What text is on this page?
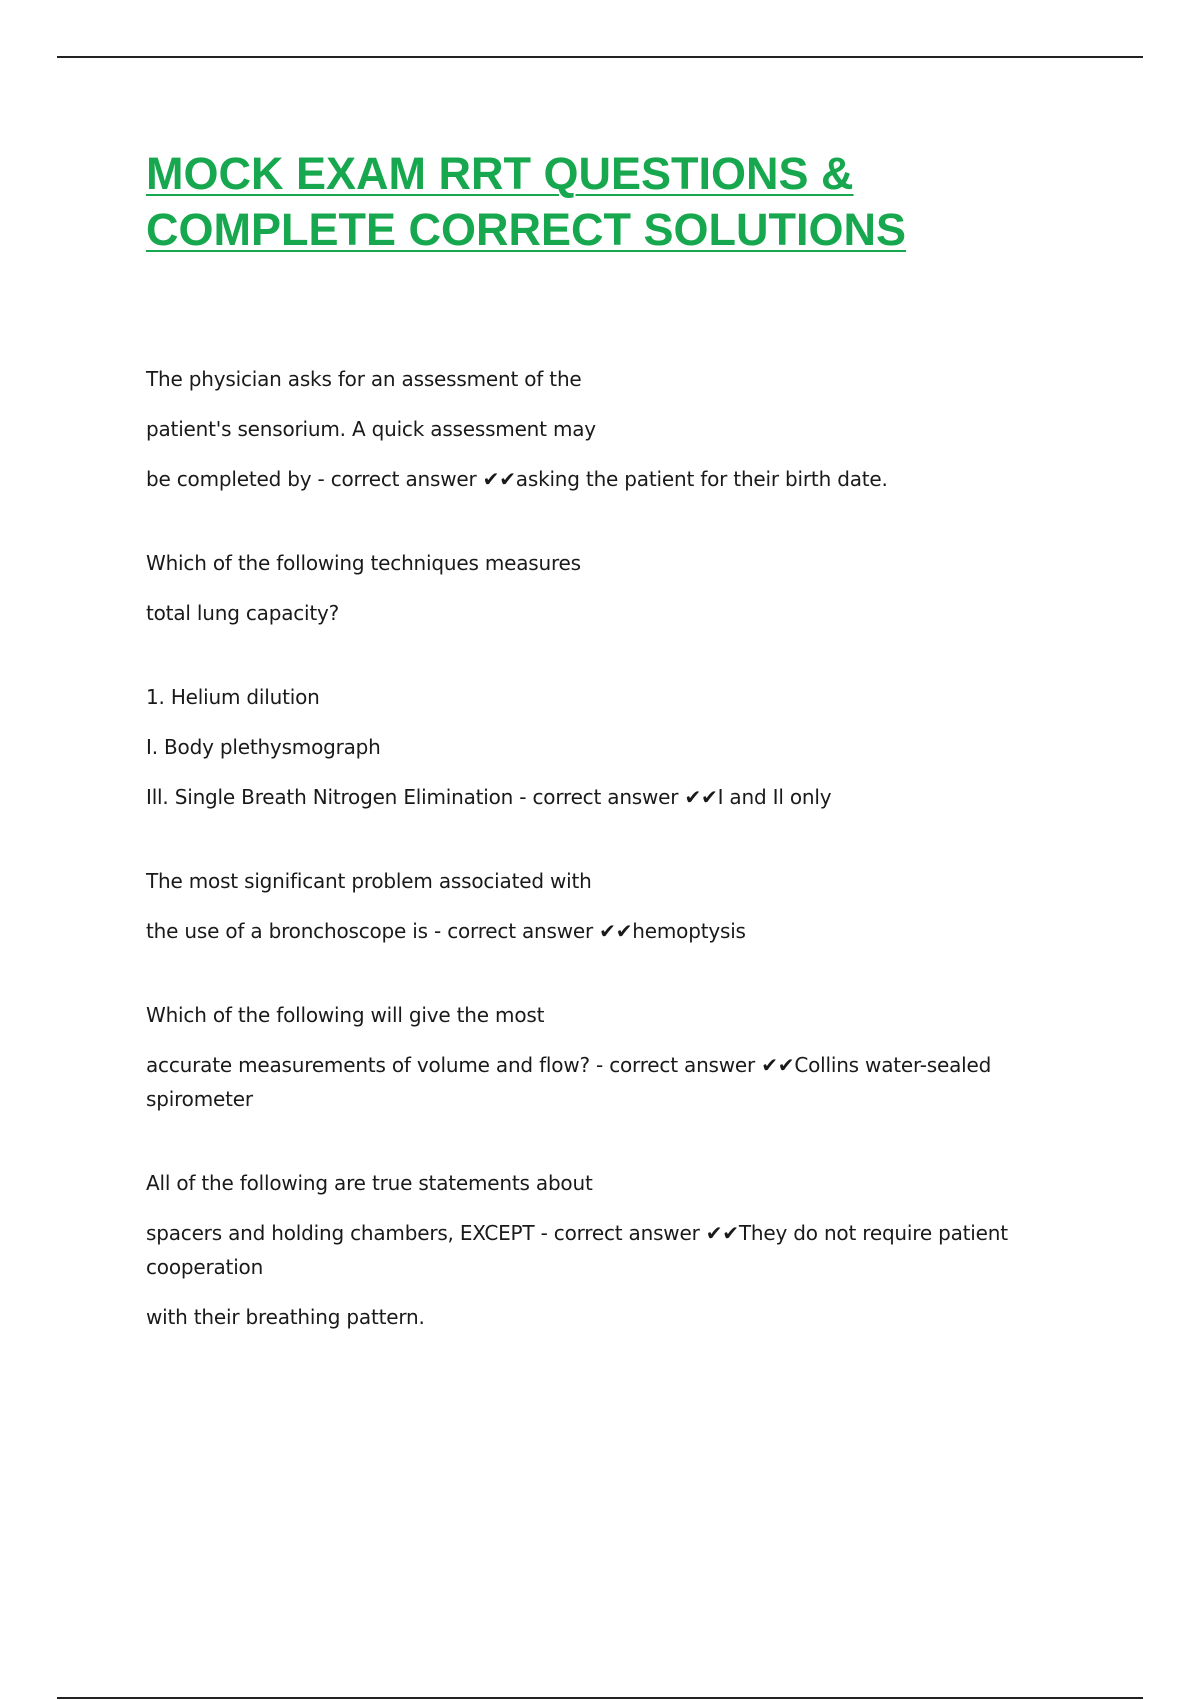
MOCK EXAM RRT QUESTIONS &
COMPLETE CORRECT SOLUTIONS

The physician asks for an assessment of the

patient's sensorium. A quick assessment may

be completed by - correct answer ✔✔asking the patient for their birth date.

Which of the following techniques measures

total lung capacity?

1. Helium dilution

I. Body plethysmograph

Ill. Single Breath Nitrogen Elimination - correct answer ✔✔I and Il only

The most significant problem associated with

the use of a bronchoscope is - correct answer ✔✔hemoptysis

Which of the following will give the most

accurate measurements of volume and flow? - correct answer ✔✔Collins water-sealed spirometer

All of the following are true statements about

spacers and holding chambers, EXCEPT - correct answer ✔✔They do not require patient cooperation

with their breathing pattern.
